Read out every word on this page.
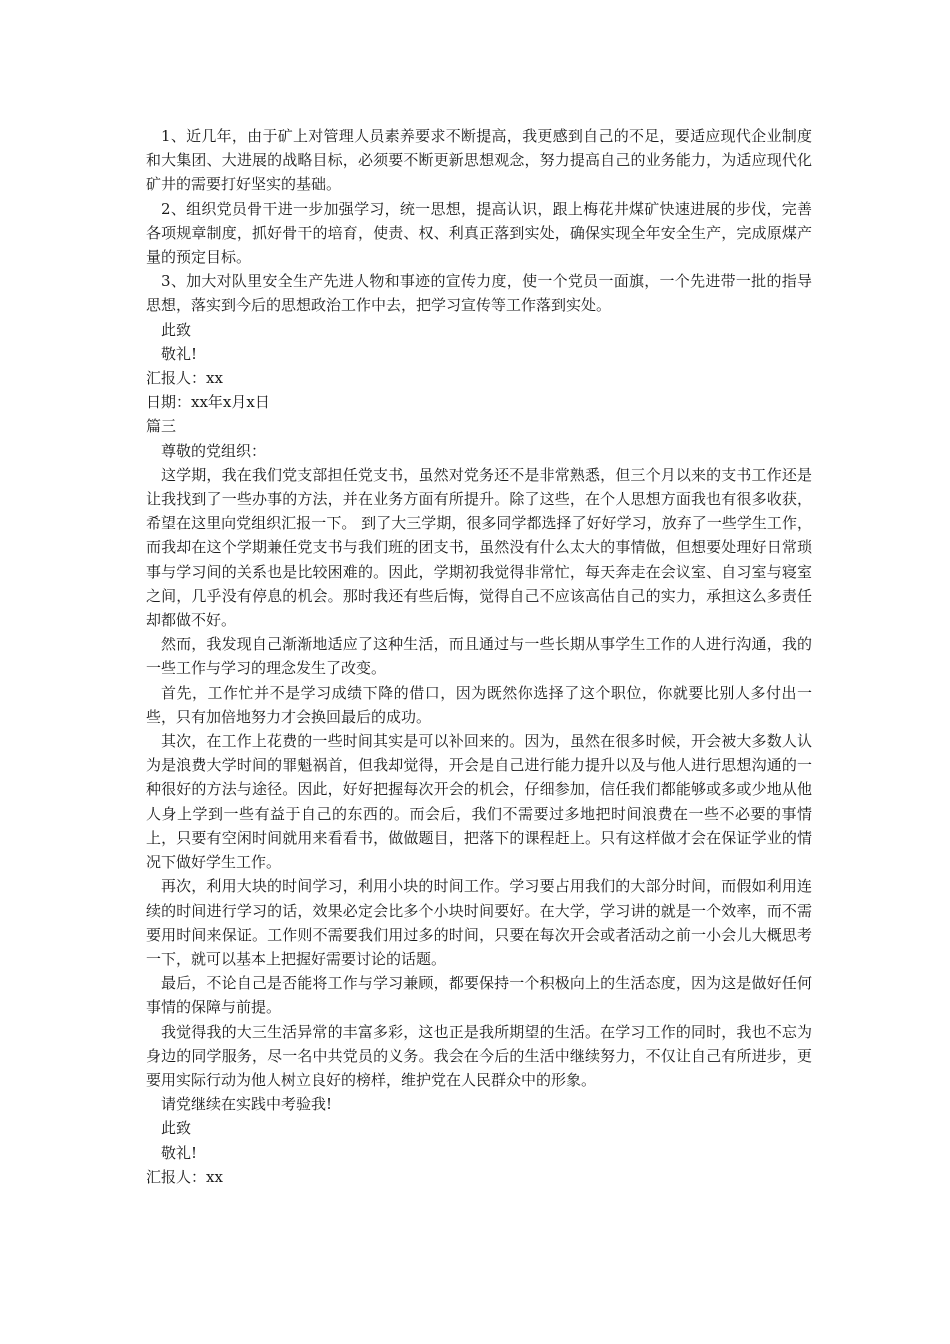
1、近几年，由于矿上对管理人员素养要求不断提高，我更感到自己的不足，要适应现代企业制度和大集团、大进展的战略目标，必须要不断更新思想观念，努力提高自己的业务能力，为适应现代化矿井的需要打好坚实的基础。

2、组织党员骨干进一步加强学习，统一思想，提高认识，跟上梅花井煤矿快速进展的步伐，完善各项规章制度，抓好骨干的培育，使责、权、利真正落到实处，确保实现全年安全生产，完成原煤产量的预定目标。

3、加大对队里安全生产先进人物和事迹的宣传力度，使一个党员一面旗，一个先进带一批的指导思想，落实到今后的思想政治工作中去，把学习宣传等工作落到实处。

此致

敬礼!

汇报人：xx

日期：xx年x月x日

篇三

尊敬的党组织：

这学期，我在我们党支部担任党支书，虽然对党务还不是非常熟悉，但三个月以来的支书工作还是让我找到了一些办事的方法，并在业务方面有所提升。除了这些，在个人思想方面我也有很多收获，希望在这里向党组织汇报一下。 到了大三学期，很多同学都选择了好好学习，放弃了一些学生工作，而我却在这个学期兼任党支书与我们班的团支书，虽然没有什么太大的事情做，但想要处理好日常琐事与学习间的关系也是比较困难的。因此，学期初我觉得非常忙，每天奔走在会议室、自习室与寝室之间，几乎没有停息的机会。那时我还有些后悔，觉得自己不应该高估自己的实力，承担这么多责任却都做不好。

然而，我发现自己渐渐地适应了这种生活，而且通过与一些长期从事学生工作的人进行沟通，我的一些工作与学习的理念发生了改变。

首先，工作忙并不是学习成绩下降的借口，因为既然你选择了这个职位，你就要比别人多付出一些，只有加倍地努力才会换回最后的成功。

其次，在工作上花费的一些时间其实是可以补回来的。因为，虽然在很多时候，开会被大多数人认为是浪费大学时间的罪魁祸首，但我却觉得，开会是自己进行能力提升以及与他人进行思想沟通的一种很好的方法与途径。因此，好好把握每次开会的机会，仔细参加，信任我们都能够或多或少地从他人身上学到一些有益于自己的东西的。而会后，我们不需要过多地把时间浪费在一些不必要的事情上，只要有空闲时间就用来看看书，做做题目，把落下的课程赶上。只有这样做才会在保证学业的情况下做好学生工作。

再次，利用大块的时间学习，利用小块的时间工作。学习要占用我们的大部分时间，而假如利用连续的时间进行学习的话，效果必定会比多个小块时间要好。在大学，学习讲的就是一个效率，而不需要用时间来保证。工作则不需要我们用过多的时间，只要在每次开会或者活动之前一小会儿大概思考一下，就可以基本上把握好需要讨论的话题。

最后，不论自己是否能将工作与学习兼顾，都要保持一个积极向上的生活态度，因为这是做好任何事情的保障与前提。

我觉得我的大三生活异常的丰富多彩，这也正是我所期望的生活。在学习工作的同时，我也不忘为身边的同学服务，尽一名中共党员的义务。我会在今后的生活中继续努力，不仅让自己有所进步，更要用实际行动为他人树立良好的榜样，维护党在人民群众中的形象。

请党继续在实践中考验我!

此致

敬礼!

汇报人：xx
